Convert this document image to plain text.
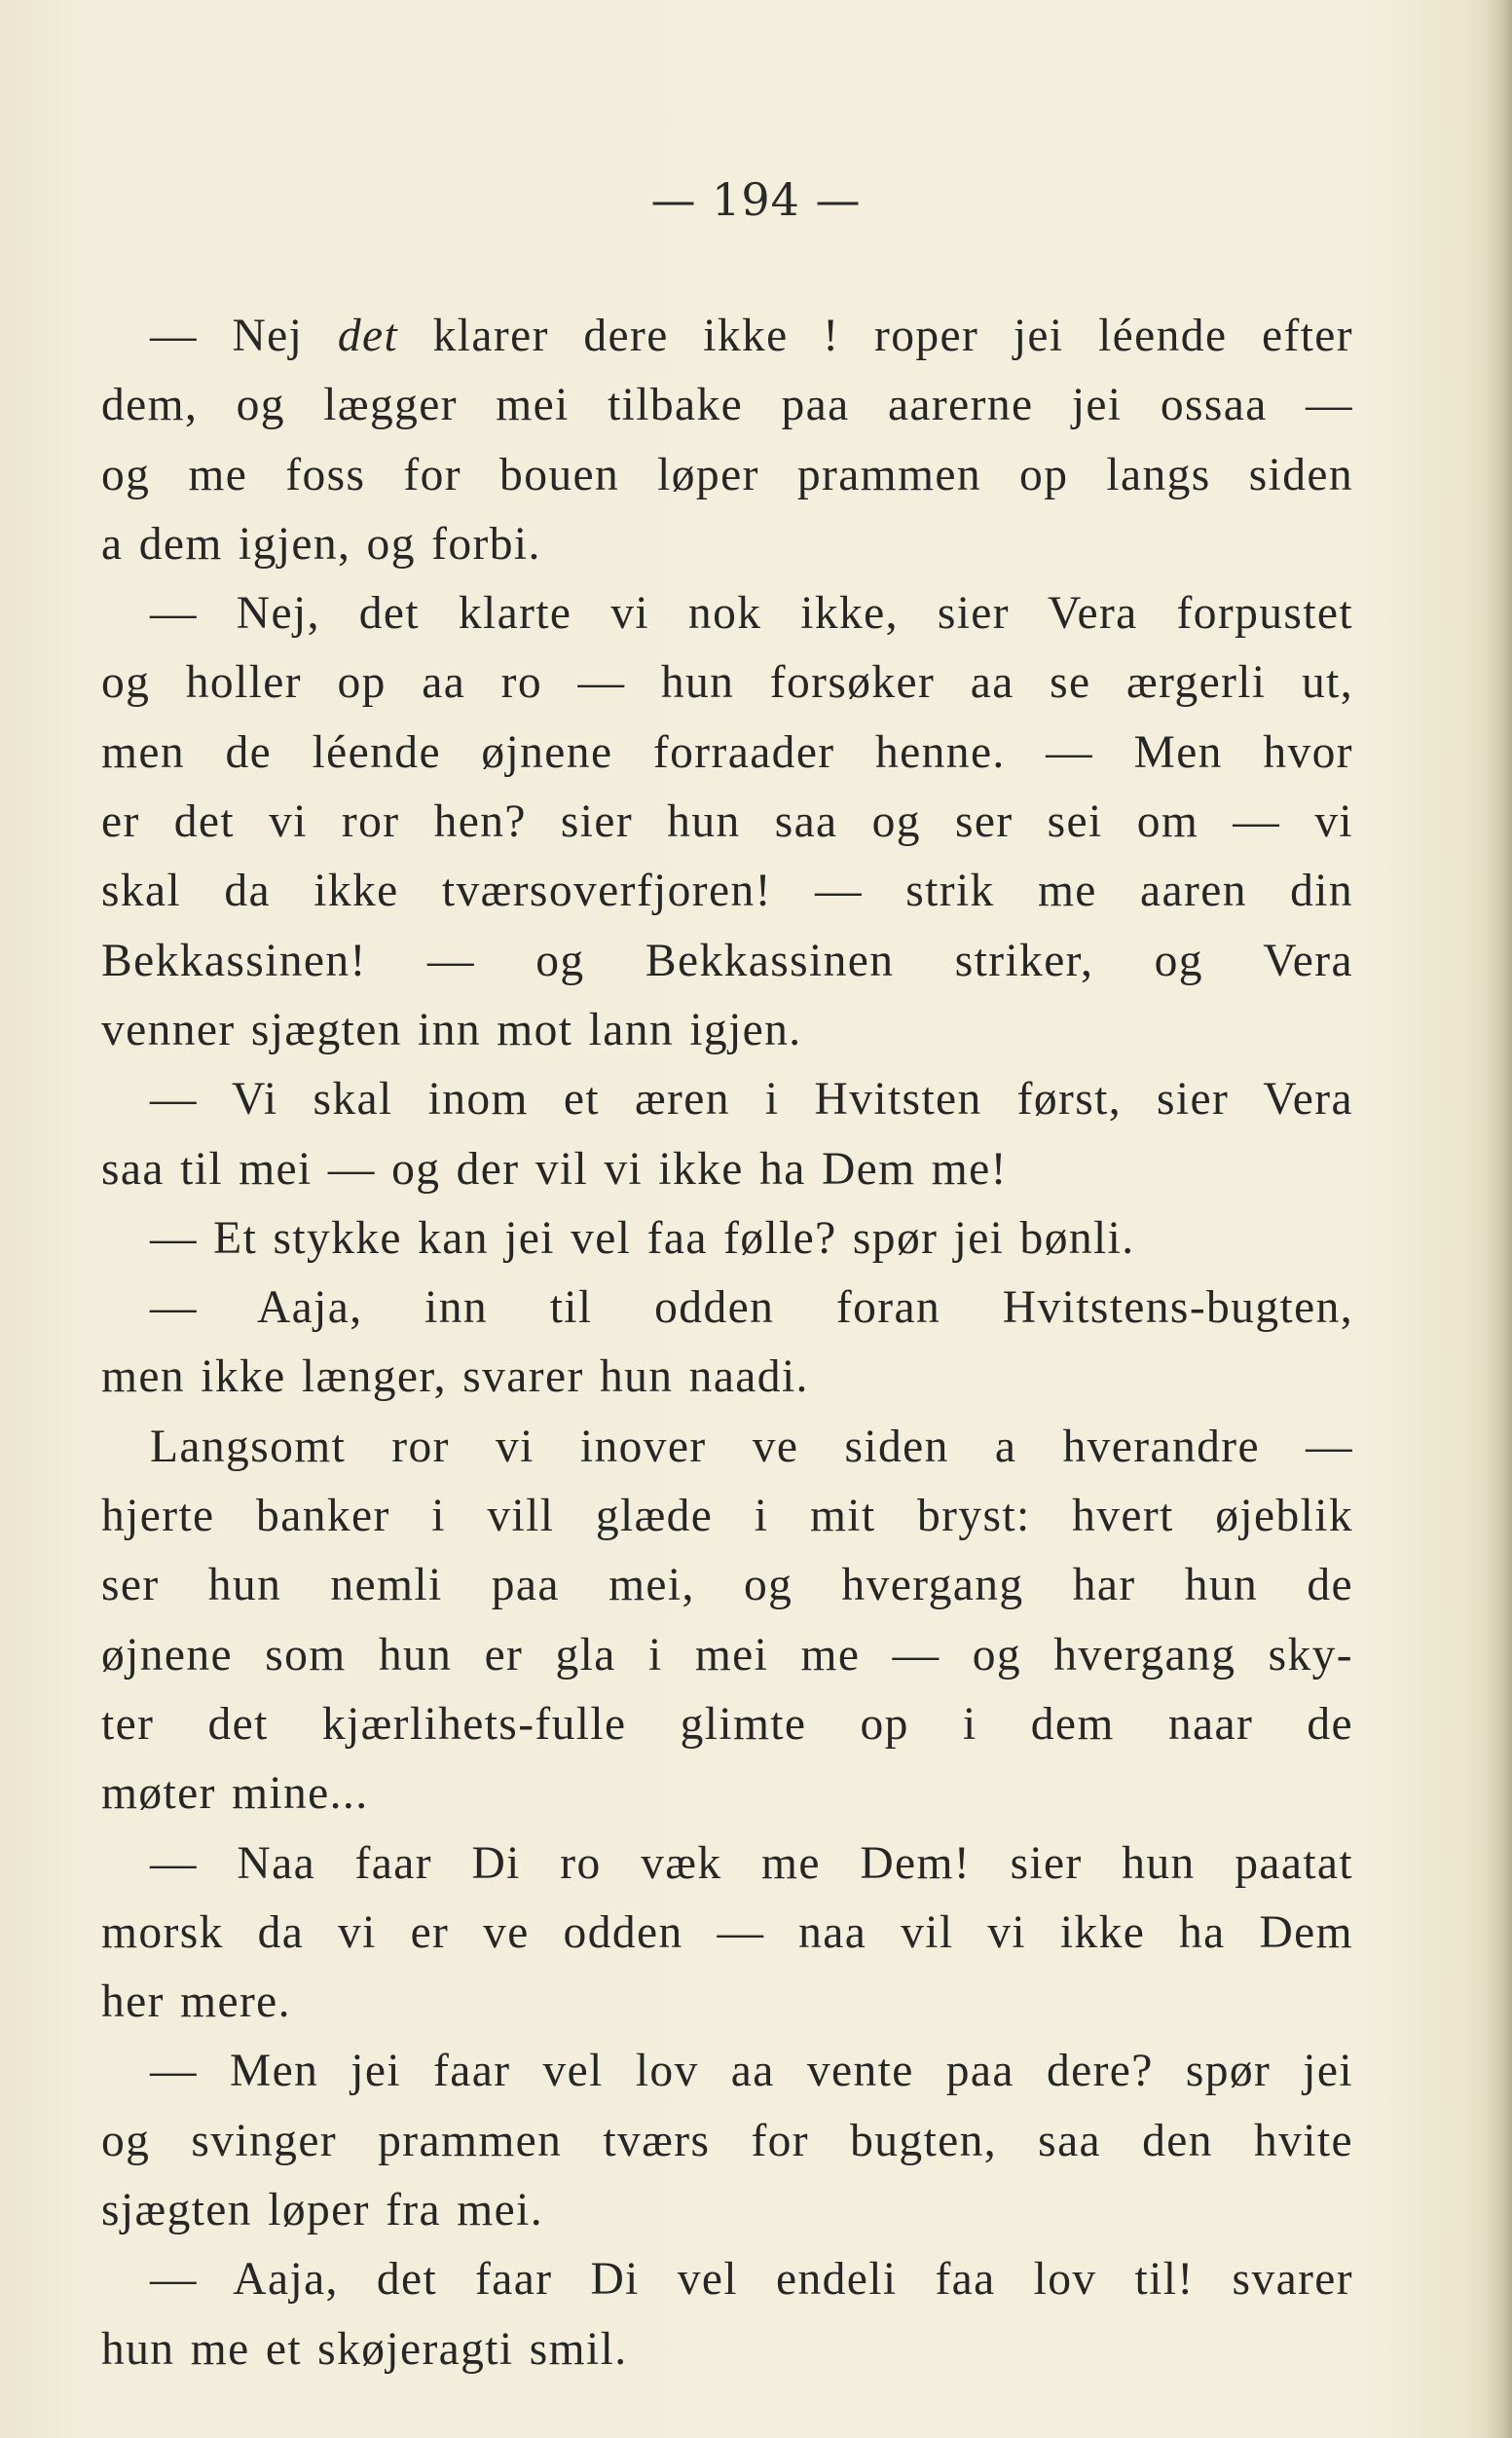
— 194 —
— Nej det klarer dere ikke ! roper jei léende efter
dem, og lægger mei tilbake paa aarerne jei ossaa —
og me foss for bouen løper prammen op langs siden
a dem igjen, og forbi.
— Nej, det klarte vi nok ikke, sier Vera forpustet
og holler op aa ro — hun forsøker aa se ærgerli ut,
men de léende øjnene forraader henne. — Men hvor
er det vi ror hen? sier hun saa og ser sei om — vi
skal da ikke tværsoverfjoren! — strik me aaren din
Bekkassinen! — og Bekkassinen striker, og Vera
venner sjægten inn mot lann igjen.
— Vi skal inom et æren i Hvitsten først, sier Vera
saa til mei — og der vil vi ikke ha Dem me!
— Et stykke kan jei vel faa følle? spør jei bønli.
— Aaja, inn til odden foran Hvitstens-bugten,
men ikke længer, svarer hun naadi.
Langsomt ror vi inover ve siden a hverandre —
hjerte banker i vill glæde i mit bryst: hvert øjeblik
ser hun nemli paa mei, og hvergang har hun de
øjnene som hun er gla i mei me — og hvergang sky-
ter det kjærlihets-fulle glimte op i dem naar de
møter mine...
— Naa faar Di ro væk me Dem! sier hun paatat
morsk da vi er ve odden — naa vil vi ikke ha Dem
her mere.
— Men jei faar vel lov aa vente paa dere? spør jei
og svinger prammen tværs for bugten, saa den hvite
sjægten løper fra mei.
— Aaja, det faar Di vel endeli faa lov til! svarer
hun me et skøjeragti smil.
